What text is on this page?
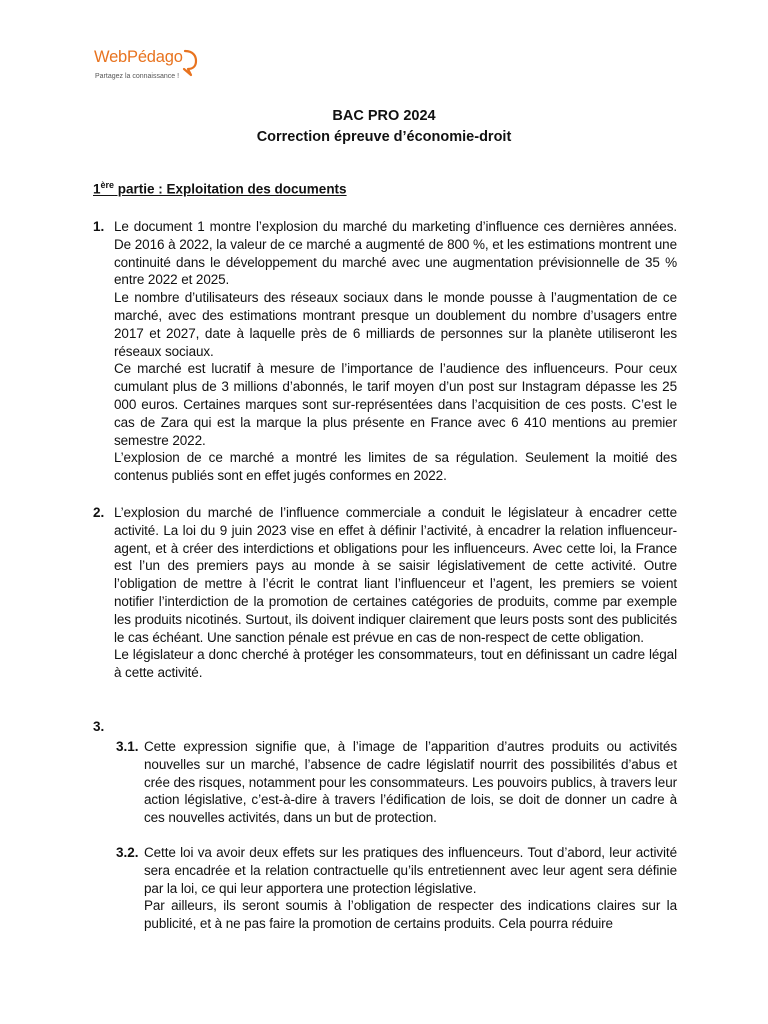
WebPédago
Partagez la connaissance !
BAC PRO 2024
Correction épreuve d’économie-droit
1ère partie : Exploitation des documents
1. Le document 1 montre l’explosion du marché du marketing d’influence ces dernières années. De 2016 à 2022, la valeur de ce marché a augmenté de 800 %, et les estimations montrent une continuité dans le développement du marché avec une augmentation prévisionnelle de 35 % entre 2022 et 2025.

Le nombre d’utilisateurs des réseaux sociaux dans le monde pousse à l’augmentation de ce marché, avec des estimations montrant presque un doublement du nombre d’usagers entre 2017 et 2027, date à laquelle près de 6 milliards de personnes sur la planète utiliseront les réseaux sociaux.

Ce marché est lucratif à mesure de l’importance de l’audience des influenceurs. Pour ceux cumulant plus de 3 millions d’abonnés, le tarif moyen d’un post sur Instagram dépasse les 25 000 euros. Certaines marques sont sur-représentées dans l’acquisition de ces posts. C’est le cas de Zara qui est la marque la plus présente en France avec 6 410 mentions au premier semestre 2022.

L’explosion de ce marché a montré les limites de sa régulation. Seulement la moitié des contenus publiés sont en effet jugés conformes en 2022.

2. L’explosion du marché de l’influence commerciale a conduit le législateur à encadrer cette activité. La loi du 9 juin 2023 vise en effet à définir l’activité, à encadrer la relation influenceur-agent, et à créer des interdictions et obligations pour les influenceurs. Avec cette loi, la France est l’un des premiers pays au monde à se saisir législativement de cette activité. Outre l’obligation de mettre à l’écrit le contrat liant l’influenceur et l’agent, les premiers se voient notifier l’interdiction de la promotion de certaines catégories de produits, comme par exemple les produits nicotinés. Surtout, ils doivent indiquer clairement que leurs posts sont des publicités le cas échéant. Une sanction pénale est prévue en cas de non-respect de cette obligation.

Le législateur a donc cherché à protéger les consommateurs, tout en définissant un cadre légal à cette activité.

3.
3.1. Cette expression signifie que, à l’image de l’apparition d’autres produits ou activités nouvelles sur un marché, l’absence de cadre législatif nourrit des possibilités d’abus et crée des risques, notamment pour les consommateurs. Les pouvoirs publics, à travers leur action législative, c’est-à-dire à travers l’édification de lois, se doit de donner un cadre à ces nouvelles activités, dans un but de protection.

3.2. Cette loi va avoir deux effets sur les pratiques des influenceurs. Tout d’abord, leur activité sera encadrée et la relation contractuelle qu’ils entretiennent avec leur agent sera définie par la loi, ce qui leur apportera une protection législative.

Par ailleurs, ils seront soumis à l’obligation de respecter des indications claires sur la publicité, et à ne pas faire la promotion de certains produits. Cela pourra réduire
